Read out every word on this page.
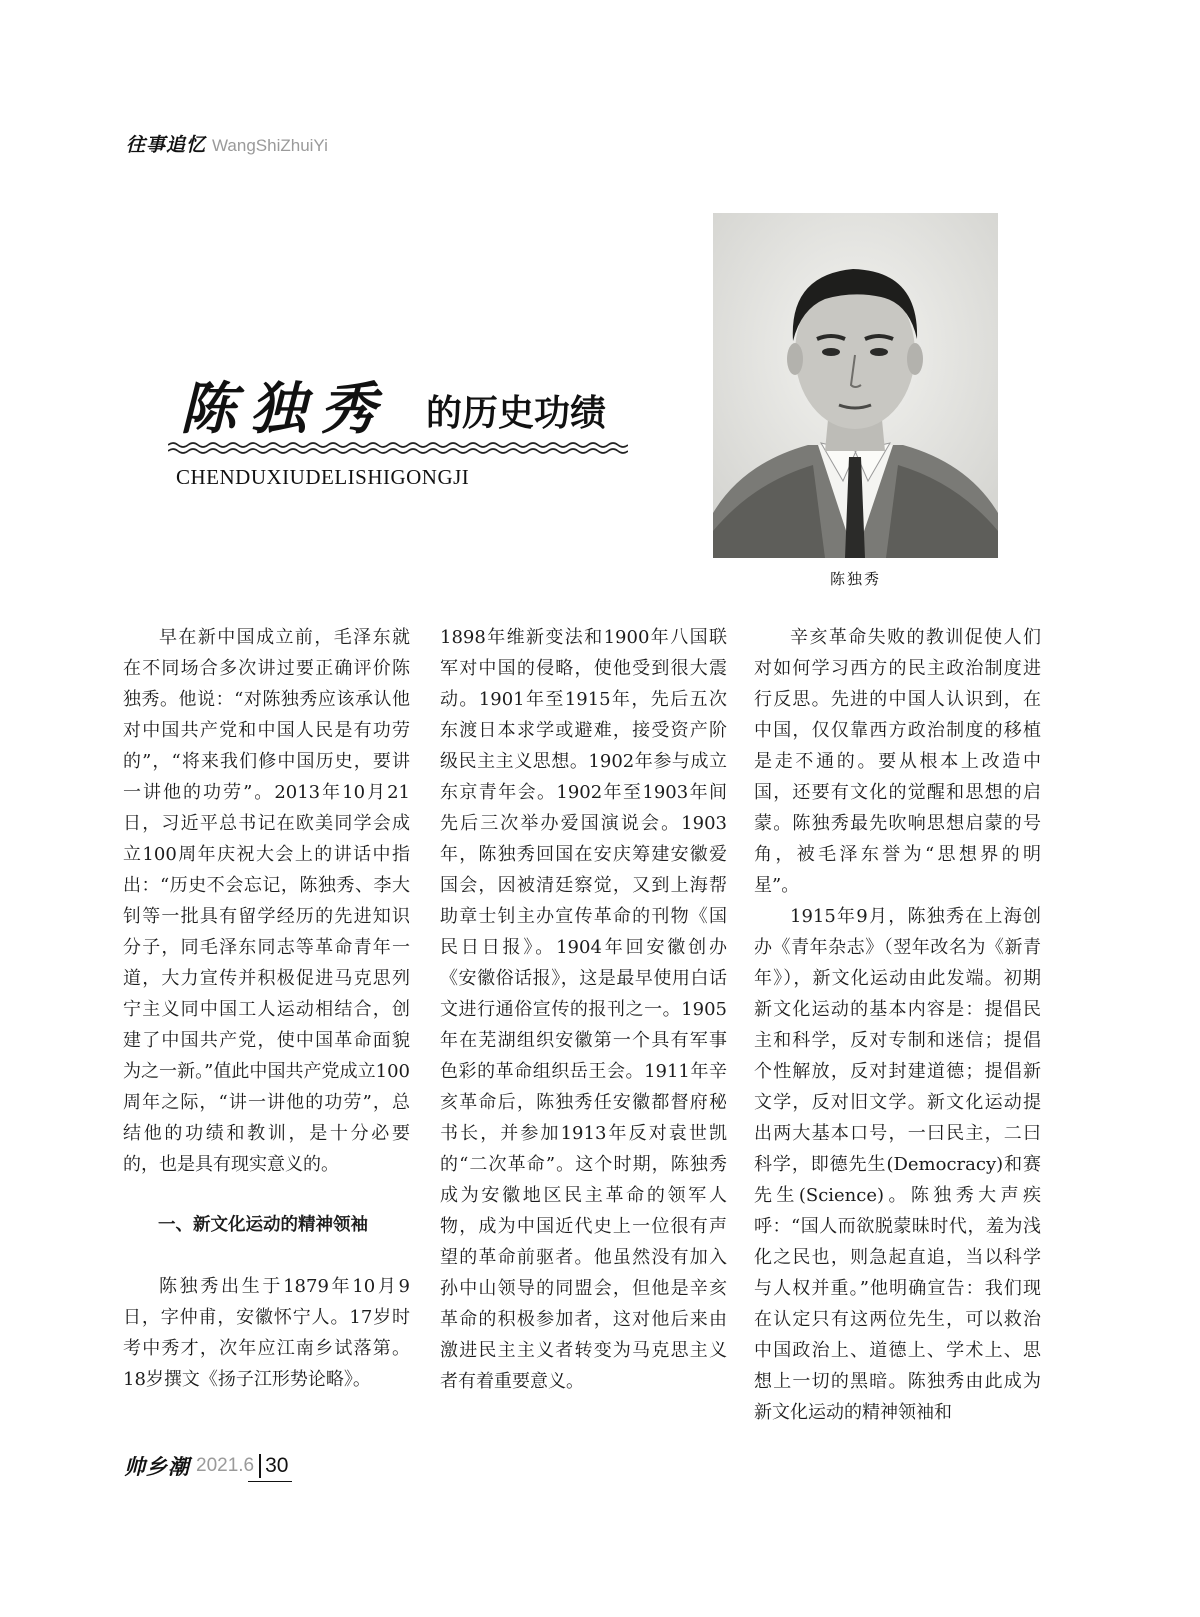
往事追忆 WangShiZhuiYi
陈独秀 的历史功绩
CHENDUXIUDELISHIGONGJI
陈独秀

早在新中国成立前，毛泽东就在不同场合多次讲过要正确评价陈独秀。他说：“对陈独秀应该承认他对中国共产党和中国人民是有功劳的”，“将来我们修中国历史，要讲一讲他的功劳”。2013年10月21日，习近平总书记在欧美同学会成立100周年庆祝大会上的讲话中指出：“历史不会忘记，陈独秀、李大钊等一批具有留学经历的先进知识分子，同毛泽东同志等革命青年一道，大力宣传并积极促进马克思列宁主义同中国工人运动相结合，创建了中国共产党，使中国革命面貌为之一新。”值此中国共产党成立100周年之际，“讲一讲他的功劳”，总结他的功绩和教训，是十分必要的，也是具有现实意义的。

一、新文化运动的精神领袖

陈独秀出生于1879年10月9日，字仲甫，安徽怀宁人。17岁时考中秀才，次年应江南乡试落第。18岁撰文《扬子江形势论略》。

1898年维新变法和1900年八国联军对中国的侵略，使他受到很大震动。1901年至1915年，先后五次东渡日本求学或避难，接受资产阶级民主主义思想。1902年参与成立东京青年会。1902年至1903年间先后三次举办爱国演说会。1903年，陈独秀回国在安庆筹建安徽爱国会，因被清廷察觉，又到上海帮助章士钊主办宣传革命的刊物《国民日日报》。1904年回安徽创办《安徽俗话报》，这是最早使用白话文进行通俗宣传的报刊之一。1905年在芜湖组织安徽第一个具有军事色彩的革命组织岳王会。1911年辛亥革命后，陈独秀任安徽都督府秘书长，并参加1913年反对袁世凯的“二次革命”。这个时期，陈独秀成为安徽地区民主革命的领军人物，成为中国近代史上一位很有声望的革命前驱者。他虽然没有加入孙中山领导的同盟会，但他是辛亥革命的积极参加者，这对他后来由激进民主主义者转变为马克思主义者有着重要意义。

辛亥革命失败的教训促使人们对如何学习西方的民主政治制度进行反思。先进的中国人认识到，在中国，仅仅靠西方政治制度的移植是走不通的。要从根本上改造中国，还要有文化的觉醒和思想的启蒙。陈独秀最先吹响思想启蒙的号角，被毛泽东誉为“思想界的明星”。

1915年9月，陈独秀在上海创办《青年杂志》（翌年改名为《新青年》），新文化运动由此发端。初期新文化运动的基本内容是：提倡民主和科学，反对专制和迷信；提倡个性解放，反对封建道德；提倡新文学，反对旧文学。新文化运动提出两大基本口号，一曰民主，二曰科学，即德先生(Democracy)和赛先生(Science)。陈独秀大声疾呼：“国人而欲脱蒙昧时代，羞为浅化之民也，则急起直追，当以科学与人权并重。”他明确宣告：我们现在认定只有这两位先生，可以救治中国政治上、道德上、学术上、思想上一切的黑暗。陈独秀由此成为新文化运动的精神领袖和

帅乡潮 2021.6 30
